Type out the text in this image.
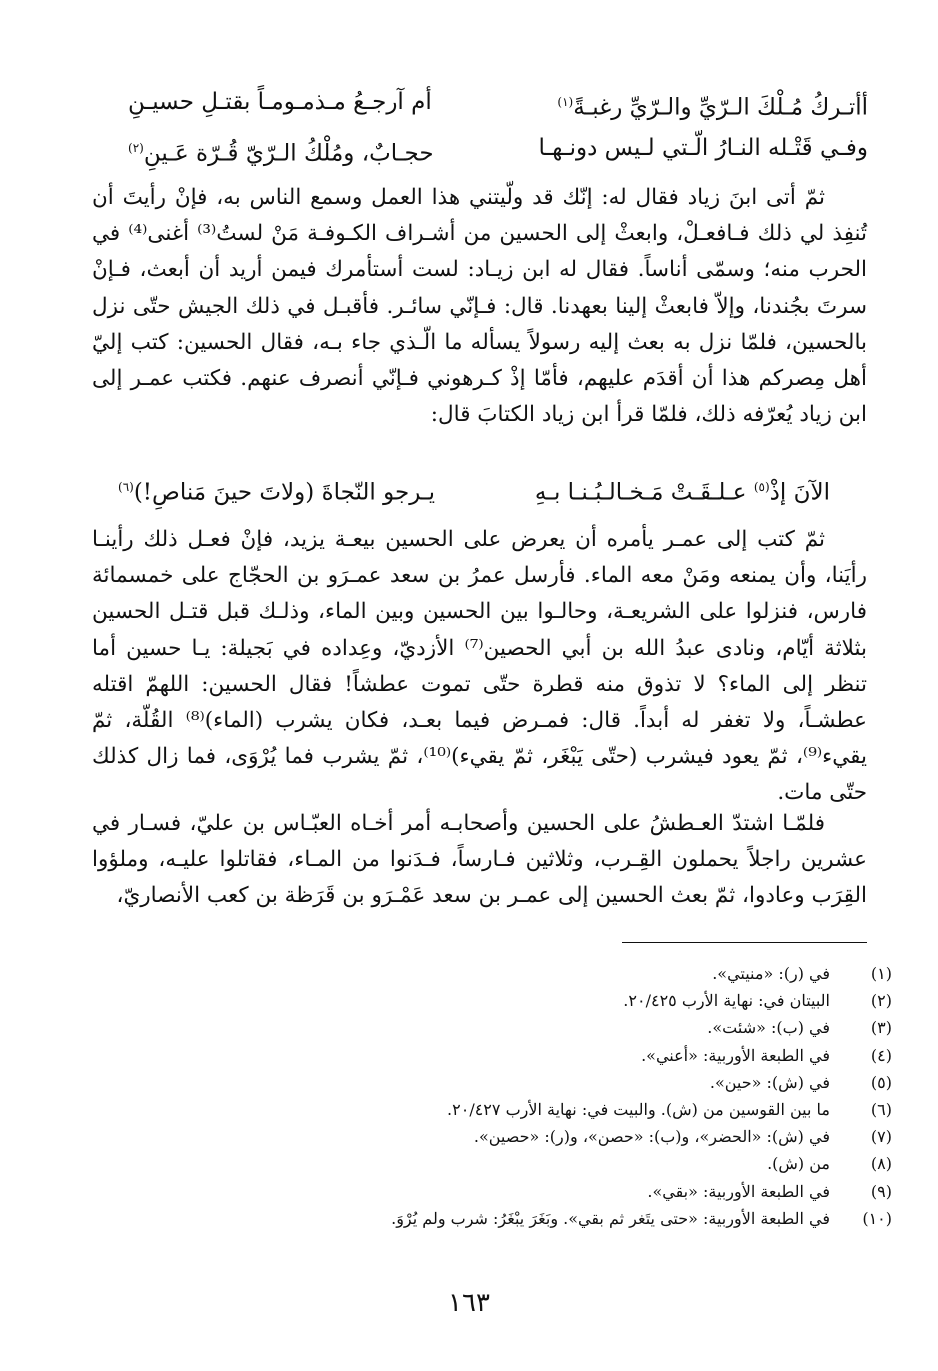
أأتـركُ مُـلْكَ الـرّيِّ والـرّيِّ رغبـةً$^{(١)}$
أم آرجـعُ مـذمـومـاً بقتـلِ حسيـنِ
وفـي قَتْـله النـارُ الّـتي لـيس دونـهـا
حجـابٌ، ومُلْكُ الـرّيّ قُـرّة عَـينِ$^{(٢)}$

ثمّ أتى ابنَ زياد فقال له: إنّك قد ولّيتني هذا العمل وسمع الناس به، فإنْ رأيتَ أن تُنفِذ لي ذلك فـافعـلْ، وابعثْ إلى الحسين من أشـراف الكـوفـة مَنْ لستُ⁽³⁾ أغنى⁽⁴⁾ في الحرب منه؛ وسمّى أناساً. فقال له ابن زيـاد: لست أستأمرك فيمن أريد أن أبعث، فـإنْ سرتَ بجُندنا، وإلاّ فابعثْ إلينا بعهدنا. قال: فـإنّي سائـر. فأقبـل في ذلك الجيش حتّى نزل بالحسين، فلمّا نزل به بعث إليه رسولاً يسأله ما الّـذي جاء بـه، فقال الحسين: كتب إليّ أهل مِصركم هذا أن أقدَم عليهم، فأمّا إذْ كـرهوني فـإنّي أنصرف عنهم. فكتب عمـر إلى ابن زياد يُعرّفه ذلك، فلمّا قرأ ابن زياد الكتابَ قال:

الآنَ إذْ$^{(٥)}$ عـلـقَـتْ مَـخـالـبُـنـا بـهِ
يـرجو النّجاةَ (ولاتَ حينَ مَناصِ!)$^{(٦)}$

ثمّ كتب إلى عمـر يأمره أن يعرض على الحسين بيعـة يزيد، فإنْ فعـل ذلك رأينـا رأيَنا، وأن يمنعه ومَنْ معه الماء. فأرسل عمرُ بن سعد عمـرَو بن الحجّاج على خمسمائة فارس، فنزلوا على الشريعـة، وحالـوا بين الحسين وبين الماء، وذلـك قبل قتـل الحسين بثلاثة أيّام، ونادى عبدُ الله بن أبي الحصين⁽⁷⁾ الأزديّ، وعِداده في بَجيلة: يـا حسين أما تنظر إلى الماء؟ لا تذوق منه قطرة حتّى تموت عطشاً! فقال الحسين: اللهمّ اقتله عطشـاً، ولا تغفر له أبداً. قال: فمـرض فيما بعـد، فكان يشرب (الماء)⁽⁸⁾ القُلّة، ثمّ يقيء⁽⁹⁾، ثمّ يعود فيشرب (حتّى يَبْغَر، ثمّ يقيء)⁽¹⁰⁾، ثمّ يشرب فما يُرْوَى، فما زال كذلك حتّى مات.

فلمّـا اشتدّ العـطشُ على الحسين وأصحابـه أمر أخـاه العبّـاس بن عليّ، فسـار في عشرين راجلاً يحملون القِـرب، وثلاثين فـارساً، فـدَنوا من المـاء، فقاتلوا عليـه، وملؤوا القِرَب وعادوا، ثمّ بعث الحسين إلى عمـر بن سعد عَمْـرَو بن قَرَظة بن كعب الأنصاريّ،

(١)
في (ر): «منيتي».
(٢)
البيتان في: نهاية الأرب ٢٠/٤٢٥.
(٣)
في (ب): «شئت».
(٤)
في الطبعة الأوربية: «أعني».
(٥)
في (ش): «حين».
(٦)
ما بين القوسين من (ش). والبيت في: نهاية الأرب ٢٠/٤٢٧.
(٧)
في (ش): «الحضر»، و(ب): «حصن»، و(ر): «حصين».
(٨)
من (ش).
(٩)
في الطبعة الأوربية: «بقي».
(١٠)
في الطبعة الأوربية: «حتى يتَغر ثم بقي». وبَغَرَ يبْغَرُ: شرب ولم يُرْوَ.
١٦٣
